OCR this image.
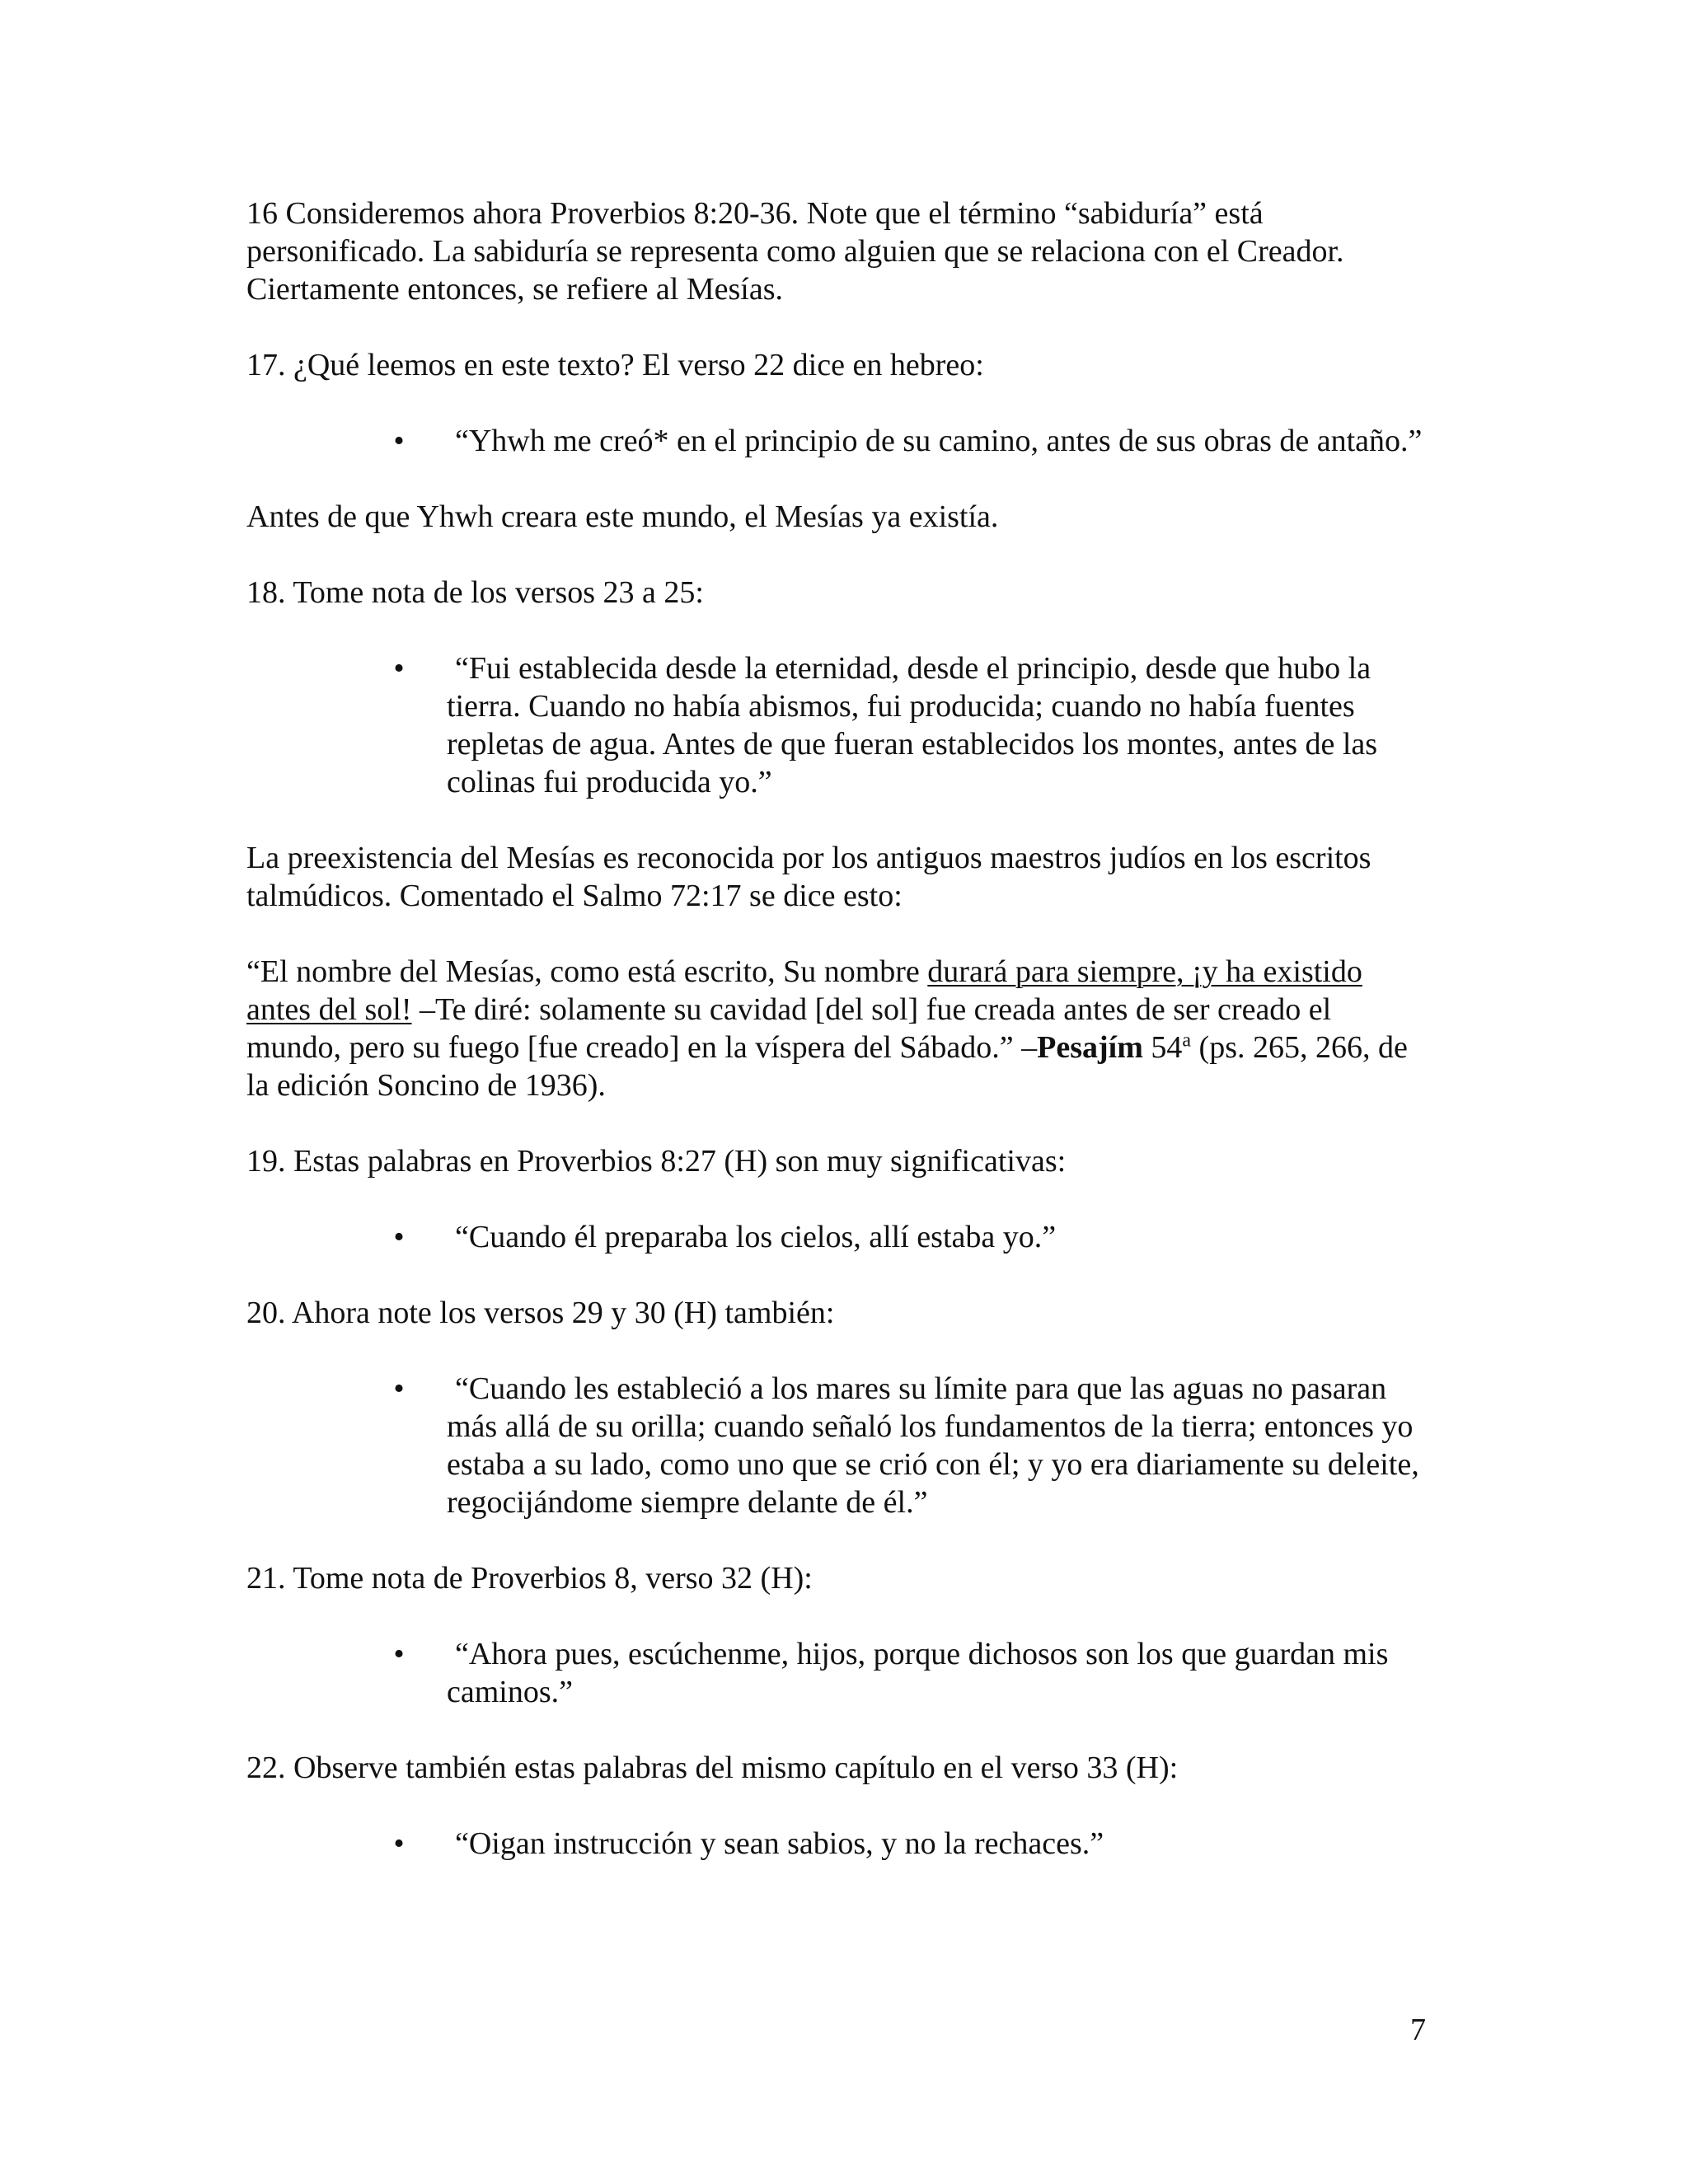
16 Consideremos ahora Proverbios 8:20-36. Note que el término “sabiduría” está personificado. La sabiduría se representa como alguien que se relaciona con el Creador. Ciertamente entonces, se refiere al Mesías.

17. ¿Qué leemos en este texto? El verso 22 dice en hebreo:

• “Yhwh me creó* en el principio de su camino, antes de sus obras de antaño.”

Antes de que Yhwh creara este mundo, el Mesías ya existía.

18. Tome nota de los versos 23 a 25:

• “Fui establecida desde la eternidad, desde el principio, desde que hubo la tierra. Cuando no había abismos, fui producida; cuando no había fuentes repletas de agua. Antes de que fueran establecidos los montes, antes de las colinas fui producida yo.”

La preexistencia del Mesías es reconocida por los antiguos maestros judíos en los escritos talmúdicos. Comentado el Salmo 72:17 se dice esto:

“El nombre del Mesías, como está escrito, Su nombre durará para siempre, ¡y ha existido antes del sol! –Te diré: solamente su cavidad [del sol] fue creada antes de ser creado el mundo, pero su fuego [fue creado] en la víspera del Sábado.” –Pesajím 54$^a$ (ps. 265, 266, de la edición Soncino de 1936).

19. Estas palabras en Proverbios 8:27 (H) son muy significativas:

• “Cuando él preparaba los cielos, allí estaba yo.”

20. Ahora note los versos 29 y 30 (H) también:

• “Cuando les estableció a los mares su límite para que las aguas no pasaran más allá de su orilla; cuando señaló los fundamentos de la tierra; entonces yo estaba a su lado, como uno que se crió con él; y yo era diariamente su deleite, regocijándome siempre delante de él.”

21. Tome nota de Proverbios 8, verso 32 (H):

• “Ahora pues, escúchenme, hijos, porque dichosos son los que guardan mis caminos.”

22. Observe también estas palabras del mismo capítulo en el verso 33 (H):

• “Oigan instrucción y sean sabios, y no la rechaces.”
7
